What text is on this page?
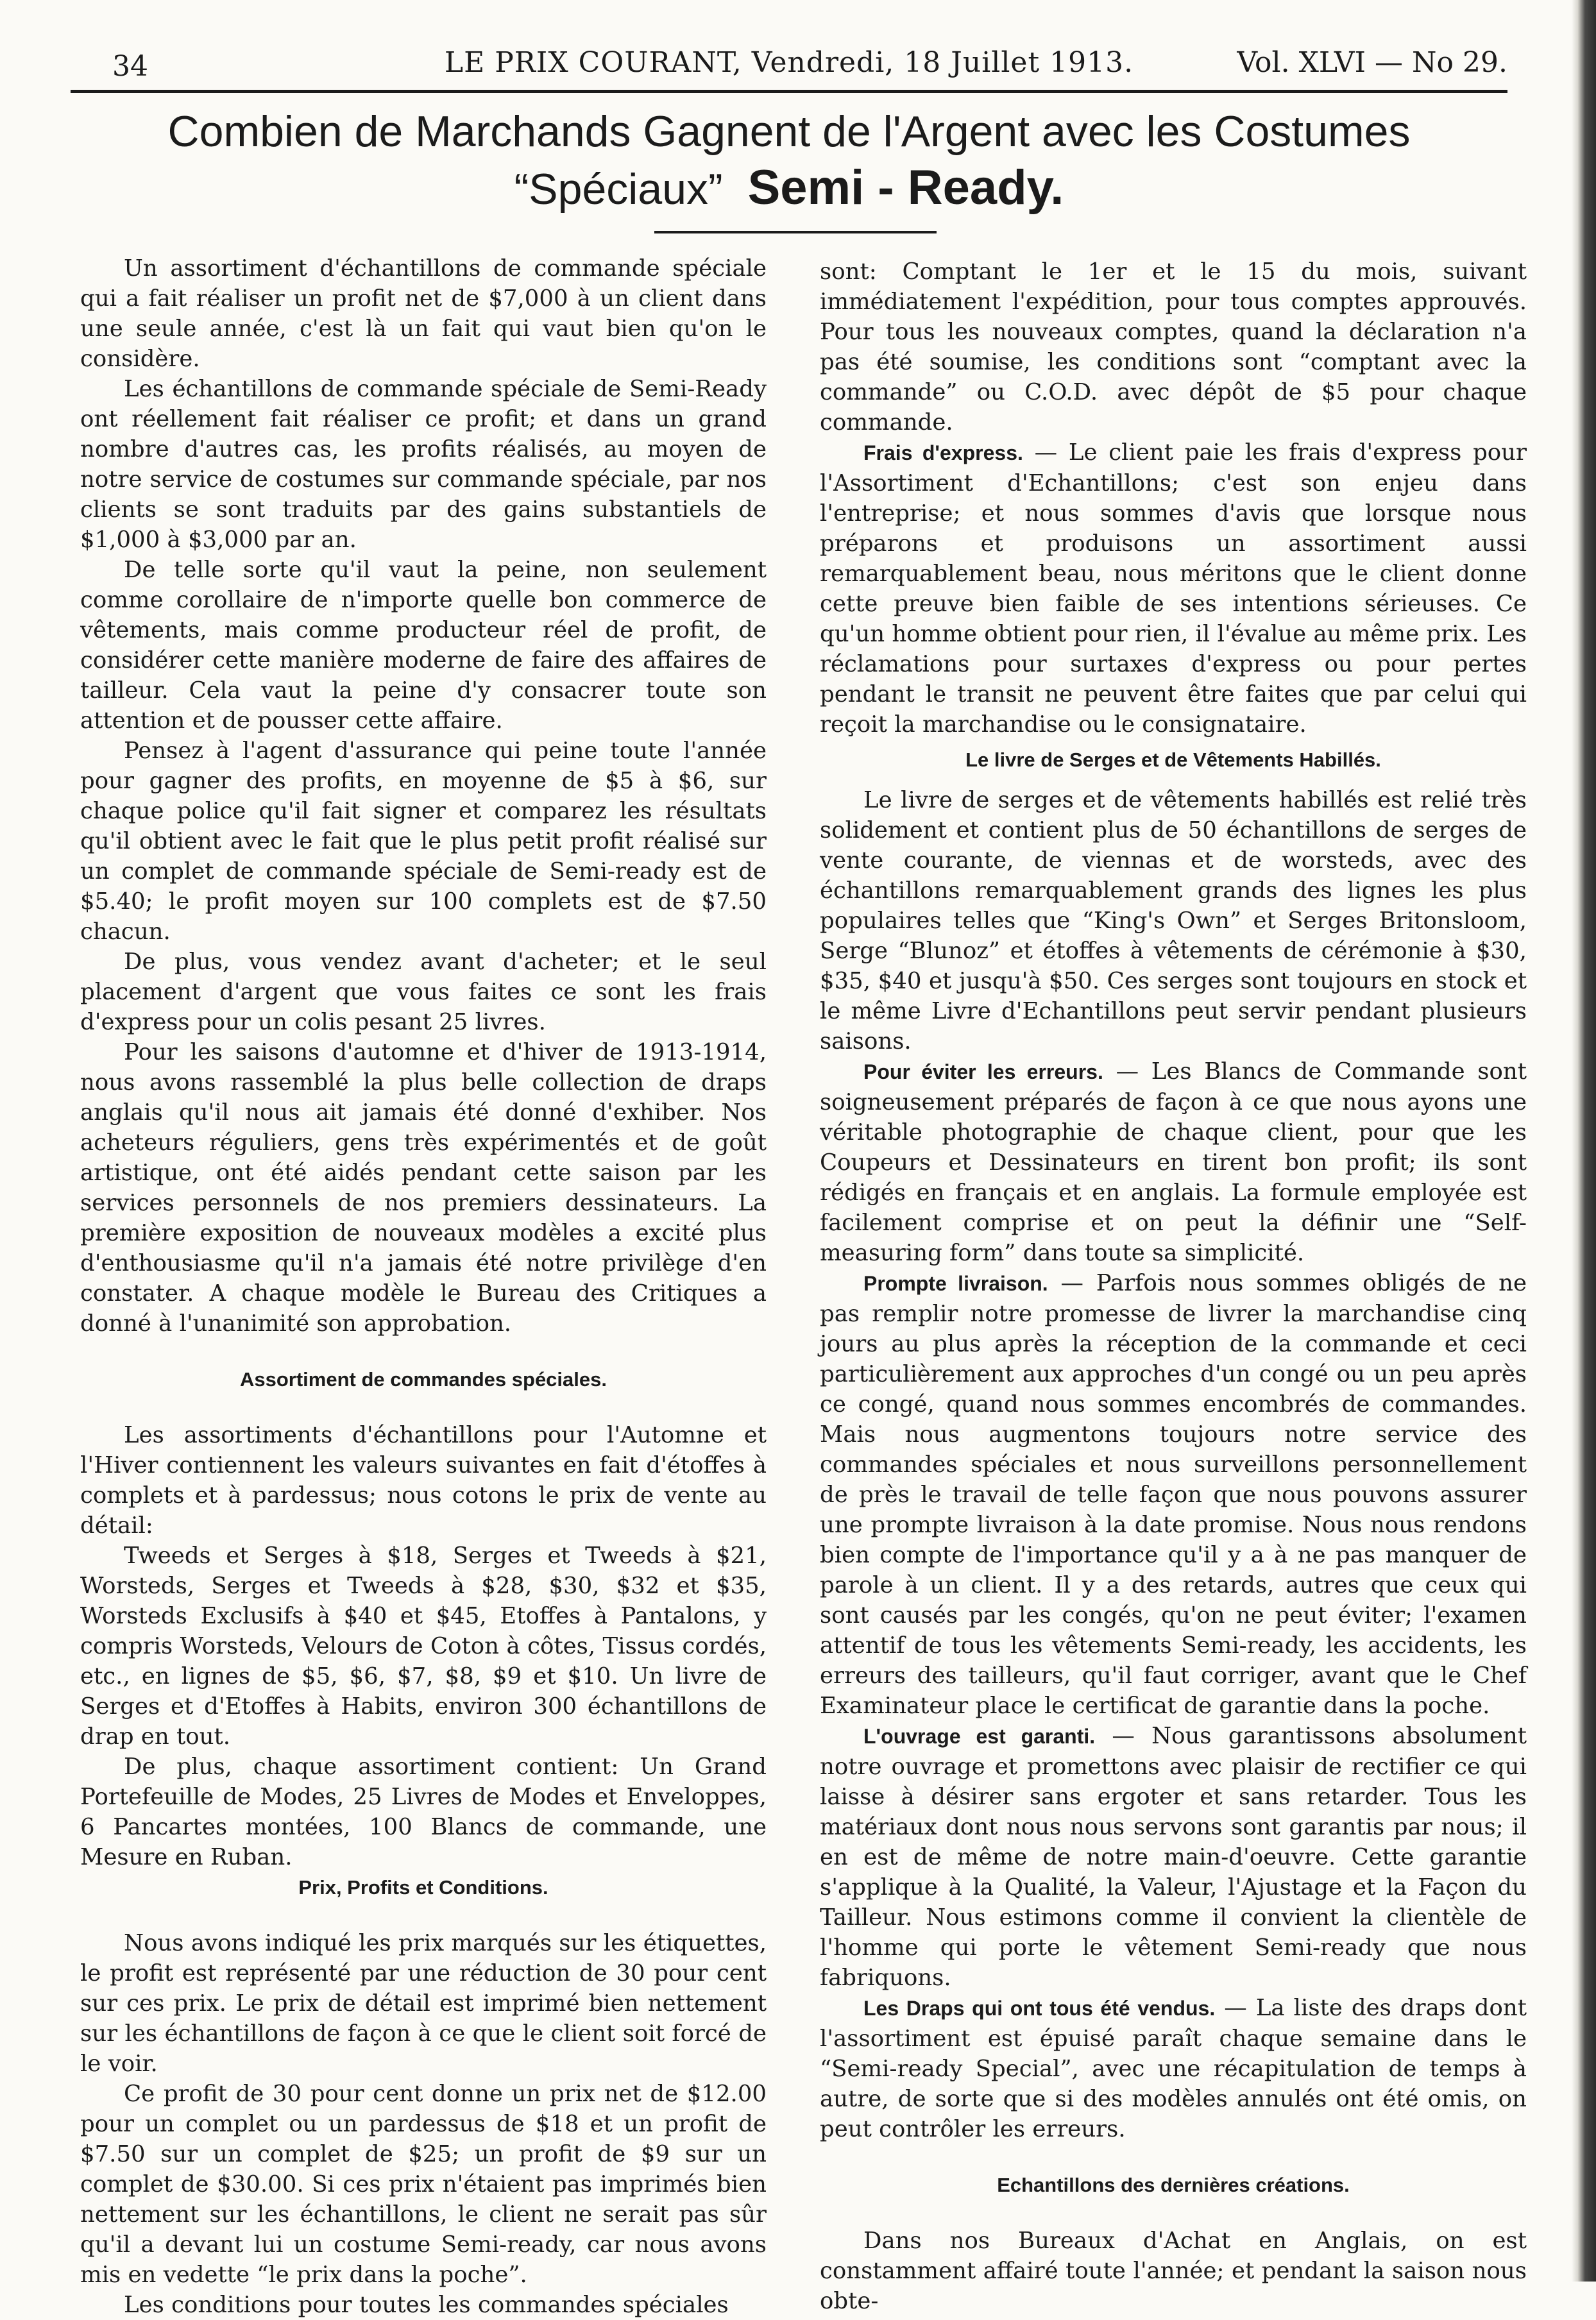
34	LE PRIX COURANT, Vendredi, 18 Juillet 1913.	Vol. XLVI — No 29.
Combien de Marchands Gagnent de l'Argent avec les Costumes
“Spéciaux” Semi - Ready.

Un assortiment d'échantillons de commande spéciale qui a fait réaliser un profit net de $7,000 à un client dans une seule année, c'est là un fait qui vaut bien qu'on le considère.

Les échantillons de commande spéciale de Semi-Ready ont réellement fait réaliser ce profit; et dans un grand nombre d'autres cas, les profits réalisés, au moyen de notre service de costumes sur commande spéciale, par nos clients se sont traduits par des gains substantiels de $1,000 à $3,000 par an.

De telle sorte qu'il vaut la peine, non seulement comme corollaire de n'importe quelle bon commerce de vêtements, mais comme producteur réel de profit, de considérer cette manière moderne de faire des affaires de tailleur. Cela vaut la peine d'y consacrer toute son attention et de pousser cette affaire.

Pensez à l'agent d'assurance qui peine toute l'année pour gagner des profits, en moyenne de $5 à $6, sur chaque police qu'il fait signer et comparez les résultats qu'il obtient avec le fait que le plus petit profit réalisé sur un complet de commande spéciale de Semi-ready est de $5.40; le profit moyen sur 100 complets est de $7.50 chacun.

De plus, vous vendez avant d'acheter; et le seul placement d'argent que vous faites ce sont les frais d'express pour un colis pesant 25 livres.

Pour les saisons d'automne et d'hiver de 1913-1914, nous avons rassemblé la plus belle collection de draps anglais qu'il nous ait jamais été donné d'exhiber. Nos acheteurs réguliers, gens très expérimentés et de goût artistique, ont été aidés pendant cette saison par les services personnels de nos premiers dessinateurs. La première exposition de nouveaux modèles a excité plus d'enthousiasme qu'il n'a jamais été notre privilège d'en constater. A chaque modèle le Bureau des Critiques a donné à l'unanimité son approbation.

Assortiment de commandes spéciales.

Les assortiments d'échantillons pour l'Automne et l'Hiver contiennent les valeurs suivantes en fait d'étoffes à complets et à pardessus; nous cotons le prix de vente au détail:

Tweeds et Serges à $18, Serges et Tweeds à $21, Worsteds, Serges et Tweeds à $28, $30, $32 et $35, Worsteds Exclusifs à $40 et $45, Etoffes à Pantalons, y compris Worsteds, Velours de Coton à côtes, Tissus cordés, etc., en lignes de $5, $6, $7, $8, $9 et $10. Un livre de Serges et d'Etoffes à Habits, environ 300 échantillons de drap en tout.

De plus, chaque assortiment contient: Un Grand Portefeuille de Modes, 25 Livres de Modes et Enveloppes, 6 Pancartes montées, 100 Blancs de commande, une Mesure en Ruban.

Prix, Profits et Conditions.

Nous avons indiqué les prix marqués sur les étiquettes, le profit est représenté par une réduction de 30 pour cent sur ces prix. Le prix de détail est imprimé bien nettement sur les échantillons de façon à ce que le client soit forcé de le voir.

Ce profit de 30 pour cent donne un prix net de $12.00 pour un complet ou un pardessus de $18 et un profit de $7.50 sur un complet de $25; un profit de $9 sur un complet de $30.00. Si ces prix n'étaient pas imprimés bien nettement sur les échantillons, le client ne serait pas sûr qu'il a devant lui un costume Semi-ready, car nous avons mis en vedette “le prix dans la poche”.

Les conditions pour toutes les commandes spéciales

sont: Comptant le 1er et le 15 du mois, suivant immédiatement l'expédition, pour tous comptes approuvés. Pour tous les nouveaux comptes, quand la déclaration n'a pas été soumise, les conditions sont “comptant avec la commande” ou C.O.D. avec dépôt de $5 pour chaque commande.

Frais d'express. — Le client paie les frais d'express pour l'Assortiment d'Echantillons; c'est son enjeu dans l'entreprise; et nous sommes d'avis que lorsque nous préparons et produisons un assortiment aussi remarquablement beau, nous méritons que le client donne cette preuve bien faible de ses intentions sérieuses. Ce qu'un homme obtient pour rien, il l'évalue au même prix. Les réclamations pour surtaxes d'express ou pour pertes pendant le transit ne peuvent être faites que par celui qui reçoit la marchandise ou le consignataire.

Le livre de Serges et de Vêtements Habillés.

Le livre de serges et de vêtements habillés est relié très solidement et contient plus de 50 échantillons de serges de vente courante, de viennas et de worsteds, avec des échantillons remarquablement grands des lignes les plus populaires telles que “King's Own” et Serges Britonsloom, Serge “Blunoz” et étoffes à vêtements de cérémonie à $30, $35, $40 et jusqu'à $50. Ces serges sont toujours en stock et le même Livre d'Echantillons peut servir pendant plusieurs saisons.

Pour éviter les erreurs. — Les Blancs de Commande sont soigneusement préparés de façon à ce que nous ayons une véritable photographie de chaque client, pour que les Coupeurs et Dessinateurs en tirent bon profit; ils sont rédigés en français et en anglais. La formule employée est facilement comprise et on peut la définir une “Self-measuring form” dans toute sa simplicité.

Prompte livraison. — Parfois nous sommes obligés de ne pas remplir notre promesse de livrer la marchandise cinq jours au plus après la réception de la commande et ceci particulièrement aux approches d'un congé ou un peu après ce congé, quand nous sommes encombrés de commandes. Mais nous augmentons toujours notre service des commandes spéciales et nous surveillons personnellement de près le travail de telle façon que nous pouvons assurer une prompte livraison à la date promise. Nous nous rendons bien compte de l'importance qu'il y a à ne pas manquer de parole à un client. Il y a des retards, autres que ceux qui sont causés par les congés, qu'on ne peut éviter; l'examen attentif de tous les vêtements Semi-ready, les accidents, les erreurs des tailleurs, qu'il faut corriger, avant que le Chef Examinateur place le certificat de garantie dans la poche.

L'ouvrage est garanti. — Nous garantissons absolument notre ouvrage et promettons avec plaisir de rectifier ce qui laisse à désirer sans ergoter et sans retarder. Tous les matériaux dont nous nous servons sont garantis par nous; il en est de même de notre main-d'oeuvre. Cette garantie s'applique à la Qualité, la Valeur, l'Ajustage et la Façon du Tailleur. Nous estimons comme il convient la clientèle de l'homme qui porte le vêtement Semi-ready que nous fabriquons.

Les Draps qui ont tous été vendus. — La liste des draps dont l'assortiment est épuisé paraît chaque semaine dans le “Semi-ready Special”, avec une récapitulation de temps à autre, de sorte que si des modèles annulés ont été omis, on peut contrôler les erreurs.

Echantillons des dernières créations.

Dans nos Bureaux d'Achat en Anglais, on est constamment affairé toute l'année; et pendant la saison nous obte-
